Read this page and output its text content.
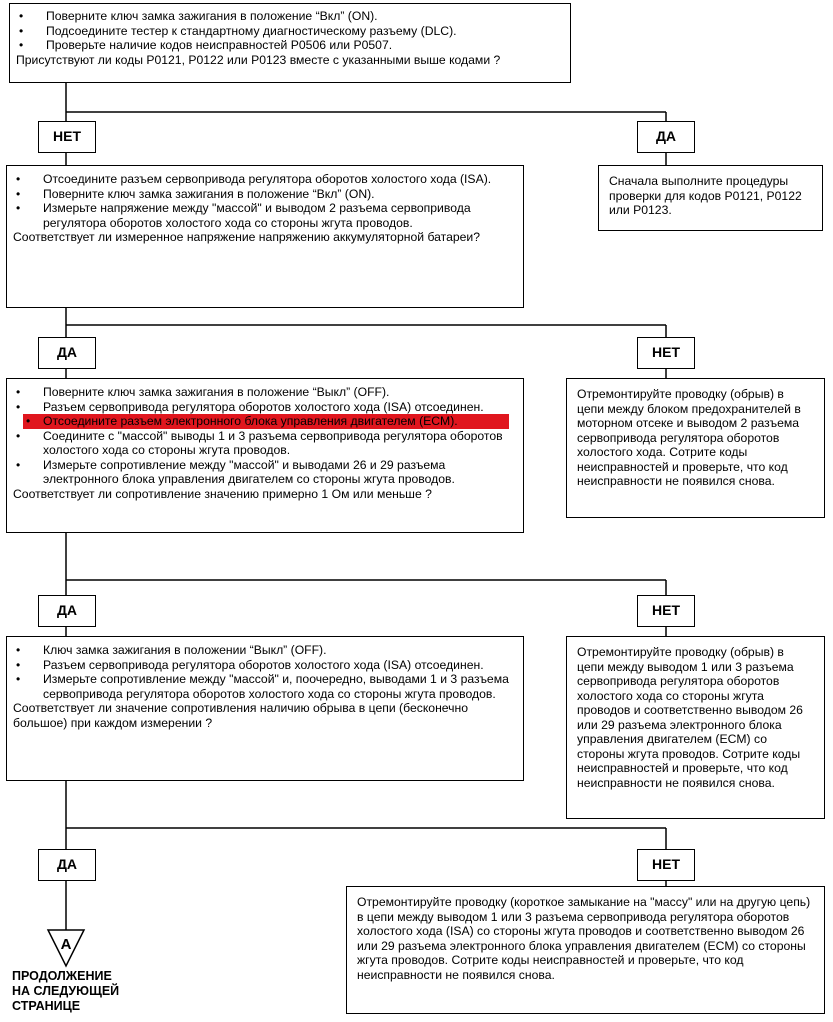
A
• Поверните ключ замка зажигания в положение “Вкл” (ON).
• Подсоедините тестер к стандартному диагностическому разъему (DLC).
• Проверьте наличие кодов неисправностей P0506 или P0507.
Присутствуют ли коды P0121, P0122 или P0123 вместе с указанными выше кодами ?
НЕТ	ДА
Сначала выполните процедуры проверки для кодов P0121, P0122 или P0123.
• Отсоедините разъем сервопривода регулятора оборотов холостого хода (ISA).
• Поверните ключ замка зажигания в положение “Вкл” (ON).
• Измерьте напряжение между "массой" и выводом 2 разъема сервопривода регулятора оборотов холостого хода со стороны жгута проводов.
Соответствует ли измеренное напряжение напряжению аккумуляторной батареи?
ДА	НЕТ
Отремонтируйте проводку (обрыв) в цепи между блоком предохранителей в моторном отсеке и выводом 2 разъема сервопривода регулятора оборотов холостого хода. Сотрите коды неисправностей и проверьте, что код неисправности не появился снова.
• Поверните ключ замка зажигания в положение “Выкл” (OFF).
• Разъем сервопривода регулятора оборотов холостого хода (ISA) отсоединен.
• Отсоедините разъем электронного блока управления двигателем (ECM).
• Соедините с "массой" выводы 1 и 3 разъема сервопривода регулятора оборотов холостого хода со стороны жгута проводов.
• Измерьте сопротивление между "массой" и выводами 26 и 29 разъема электронного блока управления двигателем со стороны жгута проводов.
Соответствует ли сопротивление значению примерно 1 Ом или меньше ?
ДА	НЕТ
Отремонтируйте проводку (обрыв) в цепи между выводом 1 или 3 разъема сервопривода регулятора оборотов холостого хода со стороны жгута проводов и соответственно выводом 26 или 29 разъема электронного блока управления двигателем (ECM) со стороны жгута проводов. Сотрите коды неисправностей и проверьте, что код неисправности не появился снова.
• Ключ замка зажигания в положении “Выкл” (OFF).
• Разъем сервопривода регулятора оборотов холостого хода (ISA) отсоединен.
• Измерьте сопротивление между "массой" и, поочередно, выводами 1 и 3 разъема сервопривода регулятора оборотов холостого хода со стороны жгута проводов.
Соответствует ли значение сопротивления наличию обрыва в цепи (бесконечно большое) при каждом измерении ?
ДА	НЕТ
Отремонтируйте проводку (короткое замыкание на "массу" или на другую цепь) в цепи между выводом 1 или 3 разъема сервопривода регулятора оборотов холостого хода (ISA) со стороны жгута проводов и соответственно выводом 26 или 29 разъема электронного блока управления двигателем (ECM) со стороны жгута проводов. Сотрите коды неисправностей и проверьте, что код неисправности не появился снова.
ПРОДОЛЖЕНИЕ
НА СЛЕДУЮЩЕЙ
СТРАНИЦЕ
